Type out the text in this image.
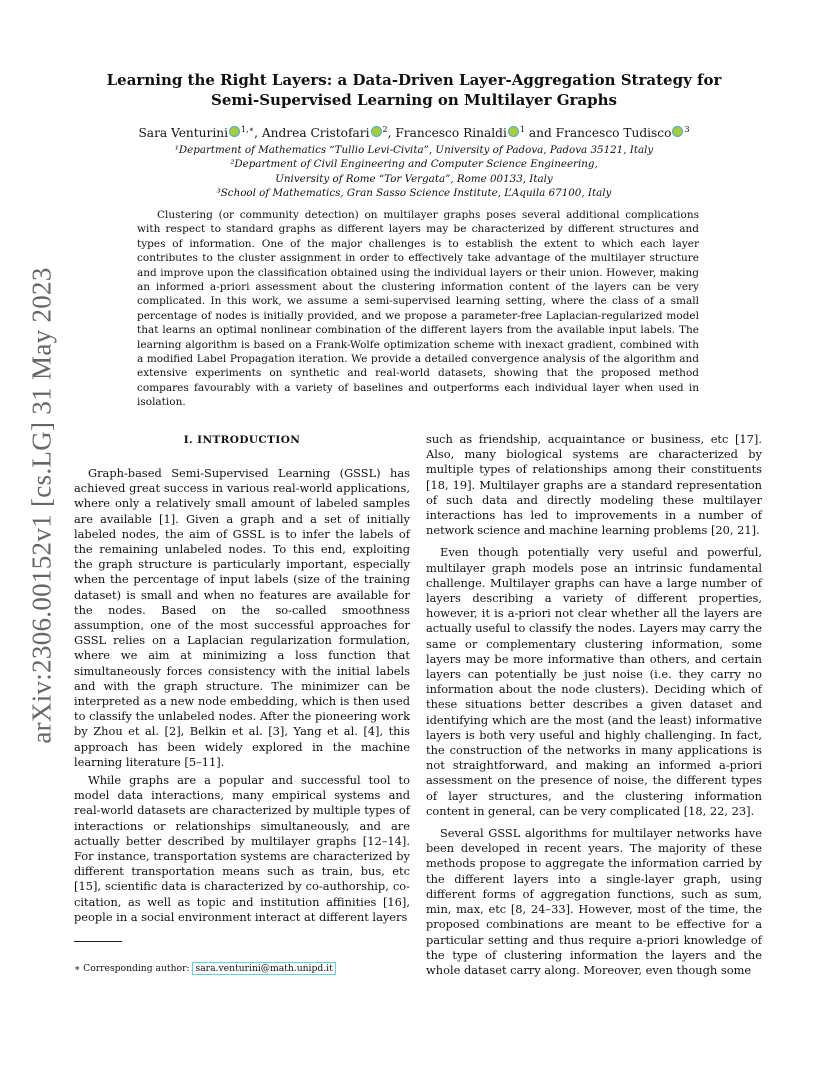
arXiv:2306.00152v1 [cs.LG] 31 May 2023
Learning the Right Layers: a Data-Driven Layer-Aggregation Strategy for Semi-Supervised Learning on Multilayer Graphs
Sara Venturini $^{1,∗}$, Andrea Cristofari $^2$, Francesco Rinaldi $^1$ and Francesco Tudisco $^3$
¹Department of Mathematics “Tullio Levi-Civita”, University of Padova, Padova 35121, Italy
²Department of Civil Engineering and Computer Science Engineering,
University of Rome “Tor Vergata”, Rome 00133, Italy
³School of Mathematics, Gran Sasso Science Institute, L’Aquila 67100, Italy

Clustering (or community detection) on multilayer graphs poses several additional complications with respect to standard graphs as different layers may be characterized by different structures and types of information. One of the major challenges is to establish the extent to which each layer contributes to the cluster assignment in order to effectively take advantage of the multilayer structure and improve upon the classification obtained using the individual layers or their union. However, making an informed a-priori assessment about the clustering information content of the layers can be very complicated. In this work, we assume a semi-supervised learning setting, where the class of a small percentage of nodes is initially provided, and we propose a parameter-free Laplacian-regularized model that learns an optimal nonlinear combination of the different layers from the available input labels. The learning algorithm is based on a Frank-Wolfe optimization scheme with inexact gradient, combined with a modified Label Propagation iteration. We provide a detailed convergence analysis of the algorithm and extensive experiments on synthetic and real-world datasets, showing that the proposed method compares favourably with a variety of baselines and outperforms each individual layer when used in isolation.

I. INTRODUCTION

Graph-based Semi-Supervised Learning (GSSL) has achieved great success in various real-world applications, where only a relatively small amount of labeled samples are available [1]. Given a graph and a set of initially labeled nodes, the aim of GSSL is to infer the labels of the remaining unlabeled nodes. To this end, exploiting the graph structure is particularly important, especially when the percentage of input labels (size of the training dataset) is small and when no features are available for the nodes. Based on the so-called smoothness assumption, one of the most successful approaches for GSSL relies on a Laplacian regularization formulation, where we aim at minimizing a loss function that simultaneously forces consistency with the initial labels and with the graph structure. The minimizer can be interpreted as a new node embedding, which is then used to classify the unlabeled nodes. After the pioneering work by Zhou et al. [2], Belkin et al. [3], Yang et al. [4], this approach has been widely explored in the machine learning literature [5–11].

While graphs are a popular and successful tool to model data interactions, many empirical systems and real-world datasets are characterized by multiple types of interactions or relationships simultaneously, and are actually better described by multilayer graphs [12–14]. For instance, transportation systems are characterized by different transportation means such as train, bus, etc [15], scientific data is characterized by co-authorship, co-citation, as well as topic and institution affinities [16], people in a social environment interact at different layers

such as friendship, acquaintance or business, etc [17]. Also, many biological systems are characterized by multiple types of relationships among their constituents [18, 19]. Multilayer graphs are a standard representation of such data and directly modeling these multilayer interactions has led to improvements in a number of network science and machine learning problems [20, 21].

Even though potentially very useful and powerful, multilayer graph models pose an intrinsic fundamental challenge. Multilayer graphs can have a large number of layers describing a variety of different properties, however, it is a-priori not clear whether all the layers are actually useful to classify the nodes. Layers may carry the same or complementary clustering information, some layers may be more informative than others, and certain layers can potentially be just noise (i.e. they carry no information about the node clusters). Deciding which of these situations better describes a given dataset and identifying which are the most (and the least) informative layers is both very useful and highly challenging. In fact, the construction of the networks in many applications is not straightforward, and making an informed a-priori assessment on the presence of noise, the different types of layer structures, and the clustering information content in general, can be very complicated [18, 22, 23].

Several GSSL algorithms for multilayer networks have been developed in recent years. The majority of these methods propose to aggregate the information carried by the different layers into a single-layer graph, using different forms of aggregation functions, such as sum, min, max, etc [8, 24–33]. However, most of the time, the proposed combinations are meant to be effective for a particular setting and thus require a-priori knowledge of the type of clustering information the layers and the whole dataset carry along. Moreover, even though some

∗ Corresponding author: sara.venturini@math.unipd.it
